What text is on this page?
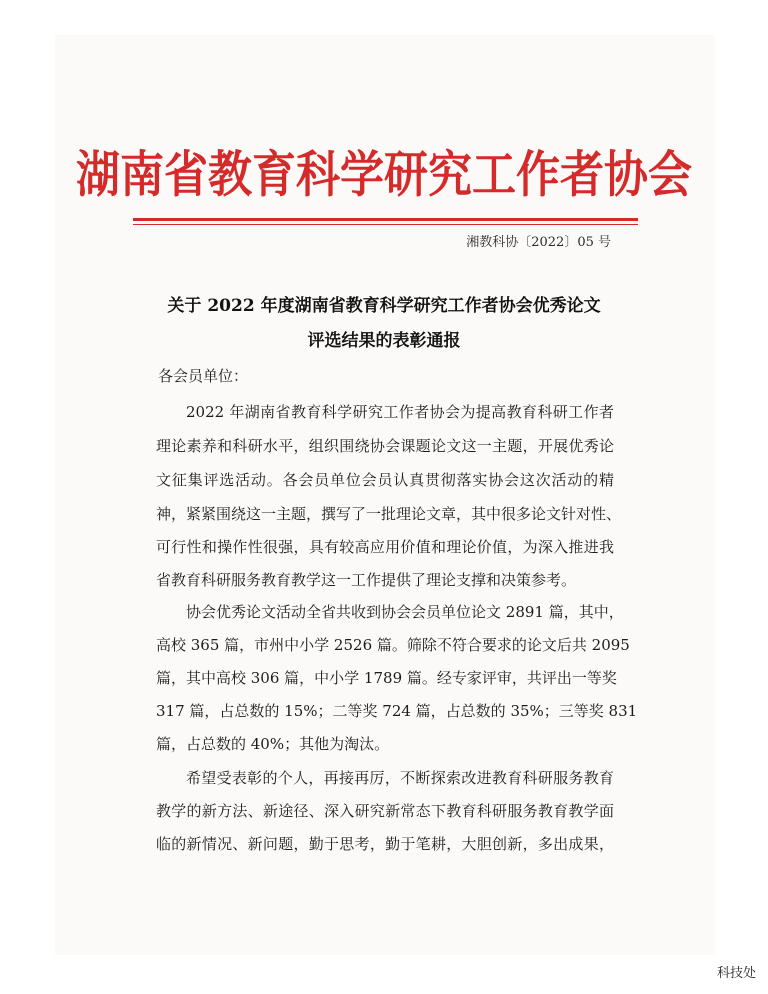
湖南省教育科学研究工作者协会
湘教科协〔2022〕05 号
关于 2022 年度湖南省教育科学研究工作者协会优秀论文
评选结果的表彰通报
各会员单位：
2022 年湖南省教育科学研究工作者协会为提高教育科研工作者
理论素养和科研水平，组织围绕协会课题论文这一主题，开展优秀论
文征集评选活动。各会员单位会员认真贯彻落实协会这次活动的精
神，紧紧围绕这一主题，撰写了一批理论文章，其中很多论文针对性、
可行性和操作性很强，具有较高应用价值和理论价值，为深入推进我
省教育科研服务教育教学这一工作提供了理论支撑和决策参考。
协会优秀论文活动全省共收到协会会员单位论文 2891 篇，其中，
高校 365 篇，市州中小学 2526 篇。筛除不符合要求的论文后共 2095
篇，其中高校 306 篇，中小学 1789 篇。经专家评审，共评出一等奖
317 篇，占总数的 15%；二等奖 724 篇，占总数的 35%；三等奖 831
篇，占总数的 40%；其他为淘汰。
希望受表彰的个人，再接再厉，不断探索改进教育科研服务教育
教学的新方法、新途径、深入研究新常态下教育科研服务教育教学面
临的新情况、新问题，勤于思考，勤于笔耕，大胆创新，多出成果，
科技处
